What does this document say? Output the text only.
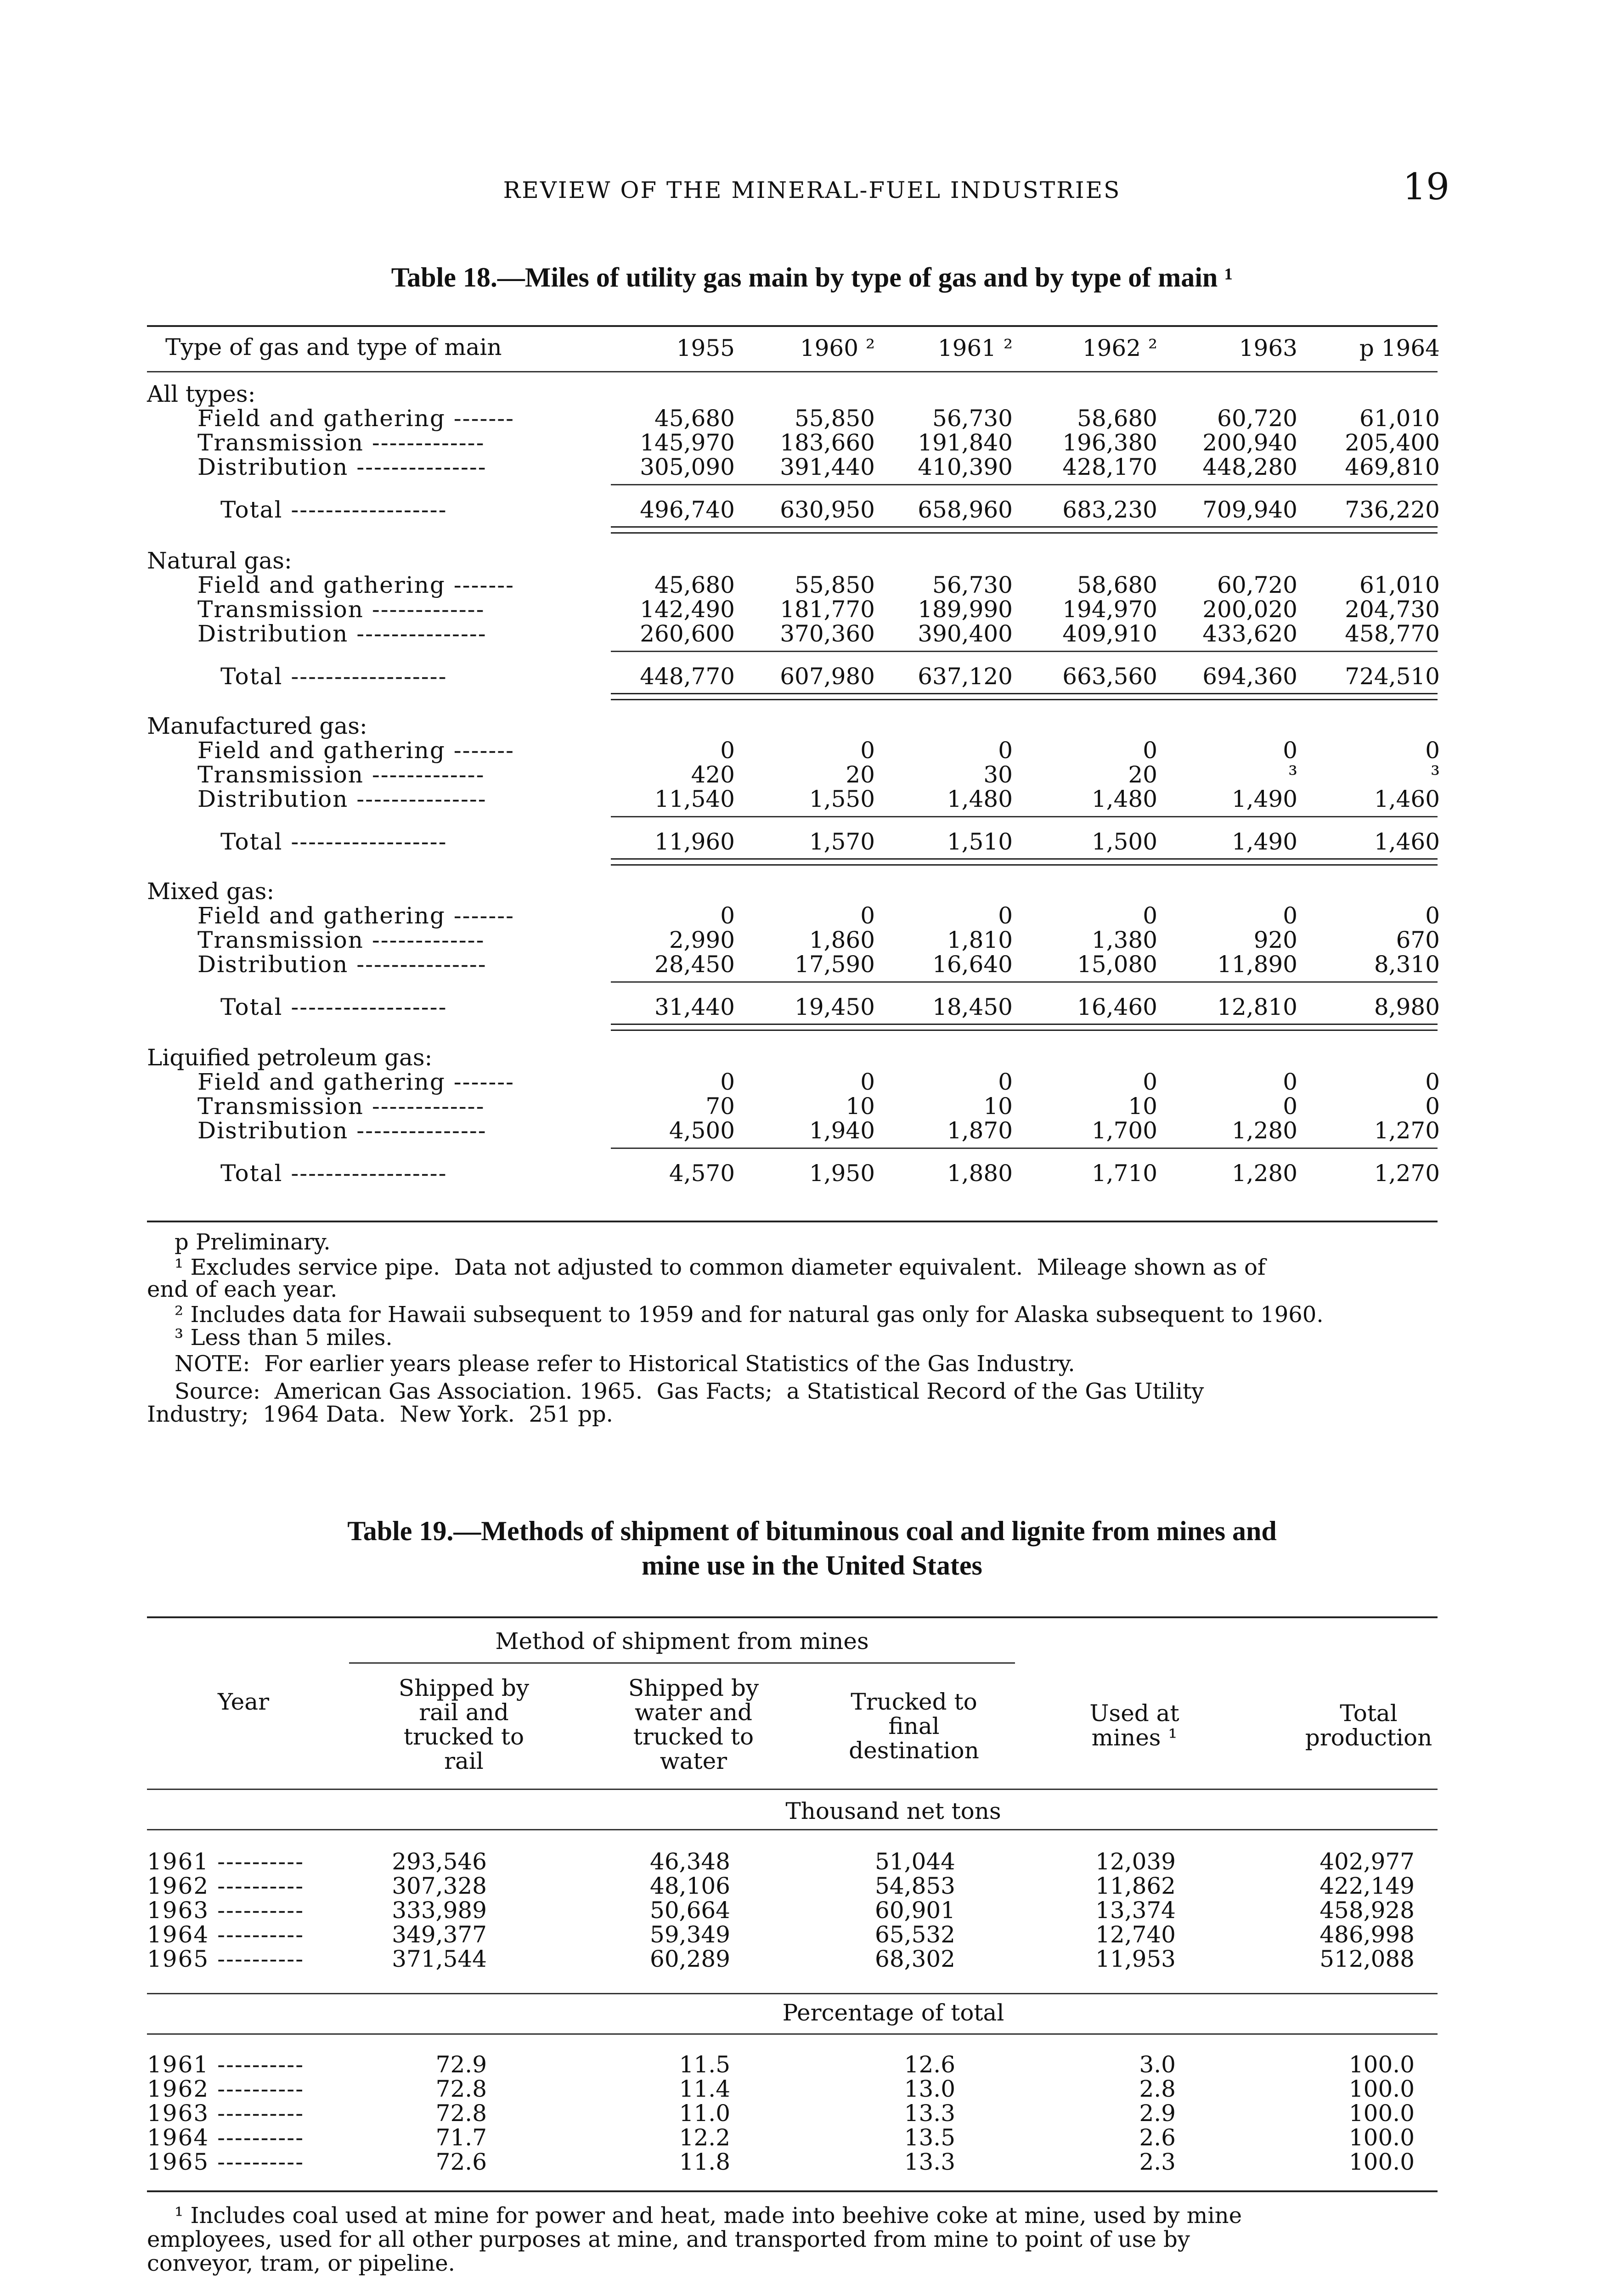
REVIEW OF THE MINERAL-FUEL INDUSTRIES	19
Table 18.—Miles of utility gas main by type of gas and by type of main ¹
Type of gas and type of main	1955	1960 ²	1961 ²	1962 ²	1963	p 1964
All types:
Field and gathering -------	45,680	55,850	56,730	58,680	60,720	61,010
Transmission -------------	145,970	183,660	191,840	196,380	200,940	205,400
Distribution ---------------	305,090	391,440	410,390	428,170	448,280	469,810
Total ------------------	496,740	630,950	658,960	683,230	709,940	736,220
Natural gas:
Field and gathering -------	45,680	55,850	56,730	58,680	60,720	61,010
Transmission -------------	142,490	181,770	189,990	194,970	200,020	204,730
Distribution ---------------	260,600	370,360	390,400	409,910	433,620	458,770
Total ------------------	448,770	607,980	637,120	663,560	694,360	724,510
Manufactured gas:
Field and gathering -------	0	0	0	0	0	0
Transmission -------------	420	20	30	20	³	³
Distribution ---------------	11,540	1,550	1,480	1,480	1,490	1,460
Total ------------------	11,960	1,570	1,510	1,500	1,490	1,460
Mixed gas:
Field and gathering -------	0	0	0	0	0	0
Transmission -------------	2,990	1,860	1,810	1,380	920	670
Distribution ---------------	28,450	17,590	16,640	15,080	11,890	8,310
Total ------------------	31,440	19,450	18,450	16,460	12,810	8,980
Liquified petroleum gas:
Field and gathering -------	0	0	0	0	0	0
Transmission -------------	70	10	10	10	0	0
Distribution ---------------	4,500	1,940	1,870	1,700	1,280	1,270
Total ------------------	4,570	1,950	1,880	1,710	1,280	1,270
p Preliminary.
¹ Excludes service pipe.  Data not adjusted to common diameter equivalent.  Mileage shown as of
end of each year.
² Includes data for Hawaii subsequent to 1959 and for natural gas only for Alaska subsequent to 1960.
³ Less than 5 miles.
NOTE:  For earlier years please refer to Historical Statistics of the Gas Industry.
Source:  American Gas Association. 1965.  Gas Facts;  a Statistical Record of the Gas Utility
Industry;  1964 Data.  New York.  251 pp.
Table 19.—Methods of shipment of bituminous coal and lignite from mines and
mine use in the United States
Method of shipment from mines
Year
Shipped by
rail and
trucked to
rail
Shipped by
water and
trucked to
water
Trucked to
final
destination
Used at
mines ¹
Total
production
Thousand net tons
1961 ----------	293,546	46,348	51,044	12,039	402,977
1962 ----------	307,328	48,106	54,853	11,862	422,149
1963 ----------	333,989	50,664	60,901	13,374	458,928
1964 ----------	349,377	59,349	65,532	12,740	486,998
1965 ----------	371,544	60,289	68,302	11,953	512,088
Percentage of total
1961 ----------	72.9	11.5	12.6	3.0	100.0
1962 ----------	72.8	11.4	13.0	2.8	100.0
1963 ----------	72.8	11.0	13.3	2.9	100.0
1964 ----------	71.7	12.2	13.5	2.6	100.0
1965 ----------	72.6	11.8	13.3	2.3	100.0
¹ Includes coal used at mine for power and heat, made into beehive coke at mine, used by mine
employees, used for all other purposes at mine, and transported from mine to point of use by
conveyor, tram, or pipeline.
